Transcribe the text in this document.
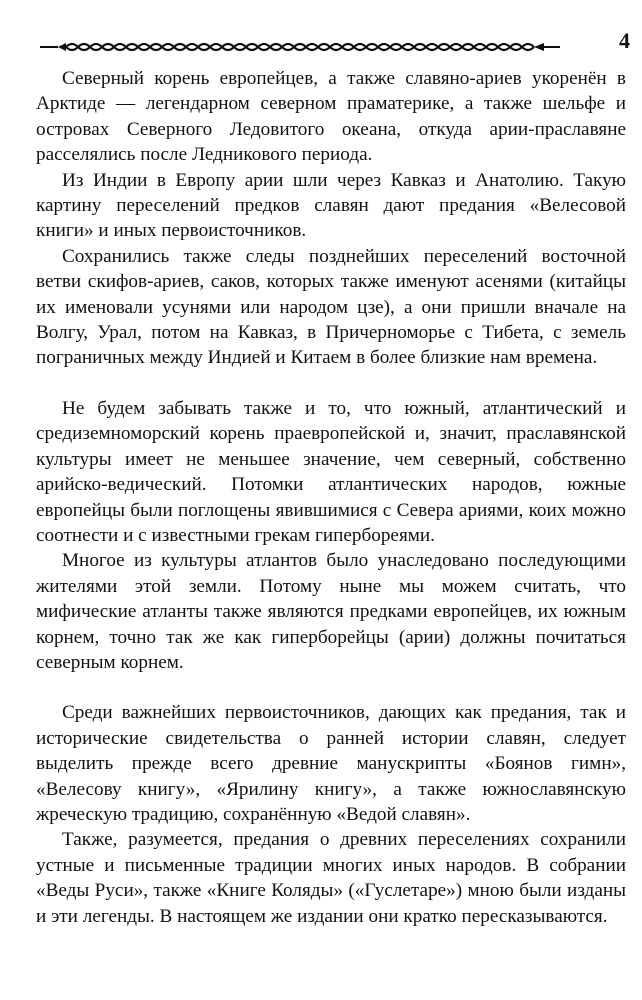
4

Северный корень европейцев, а также славяно-ариев укоренён в Арктиде — легендарном северном праматерике, а также шельфе и островах Северного Ледовитого океана, откуда арии-праславяне расселялись после Ледникового периода.

Из Индии в Европу арии шли через Кавказ и Анатолию. Такую картину переселений предков славян дают предания «Велесовой книги» и иных первоисточников.

Сохранились также следы позднейших переселений восточной ветви скифов-ариев, саков, которых также именуют асенями (китайцы их именовали усунями или народом цзе), а они пришли вначале на Волгу, Урал, потом на Кавказ, в Причерноморье с Тибета, с земель пограничных между Индией и Китаем в более близкие нам времена.

Не будем забывать также и то, что южный, атлантический и средиземноморский корень праевропейской и, значит, праславянской культуры имеет не меньшее значение, чем северный, собственно арийско-ведический. Потомки атлантических народов, южные европейцы были поглощены явившимися с Севера ариями, коих можно соотнести и с известными грекам гипербореями.

Многое из культуры атлантов было унаследовано последующими жителями этой земли. Потому ныне мы можем считать, что мифические атланты также являются предками европейцев, их южным корнем, точно так же как гиперборейцы (арии) должны почитаться северным корнем.

Среди важнейших первоисточников, дающих как предания, так и исторические свидетельства о ранней истории славян, следует выделить прежде всего древние манускрипты «Боянов гимн», «Велесову книгу», «Ярилину книгу», а также южнославянскую жреческую традицию, сохранённую «Ведой славян».

Также, разумеется, предания о древних переселениях сохранили устные и письменные традиции многих иных народов. В собрании «Веды Руси», также «Книге Коляды» («Гуслетаре») мною были изданы и эти легенды. В настоящем же издании они кратко пересказываются.
